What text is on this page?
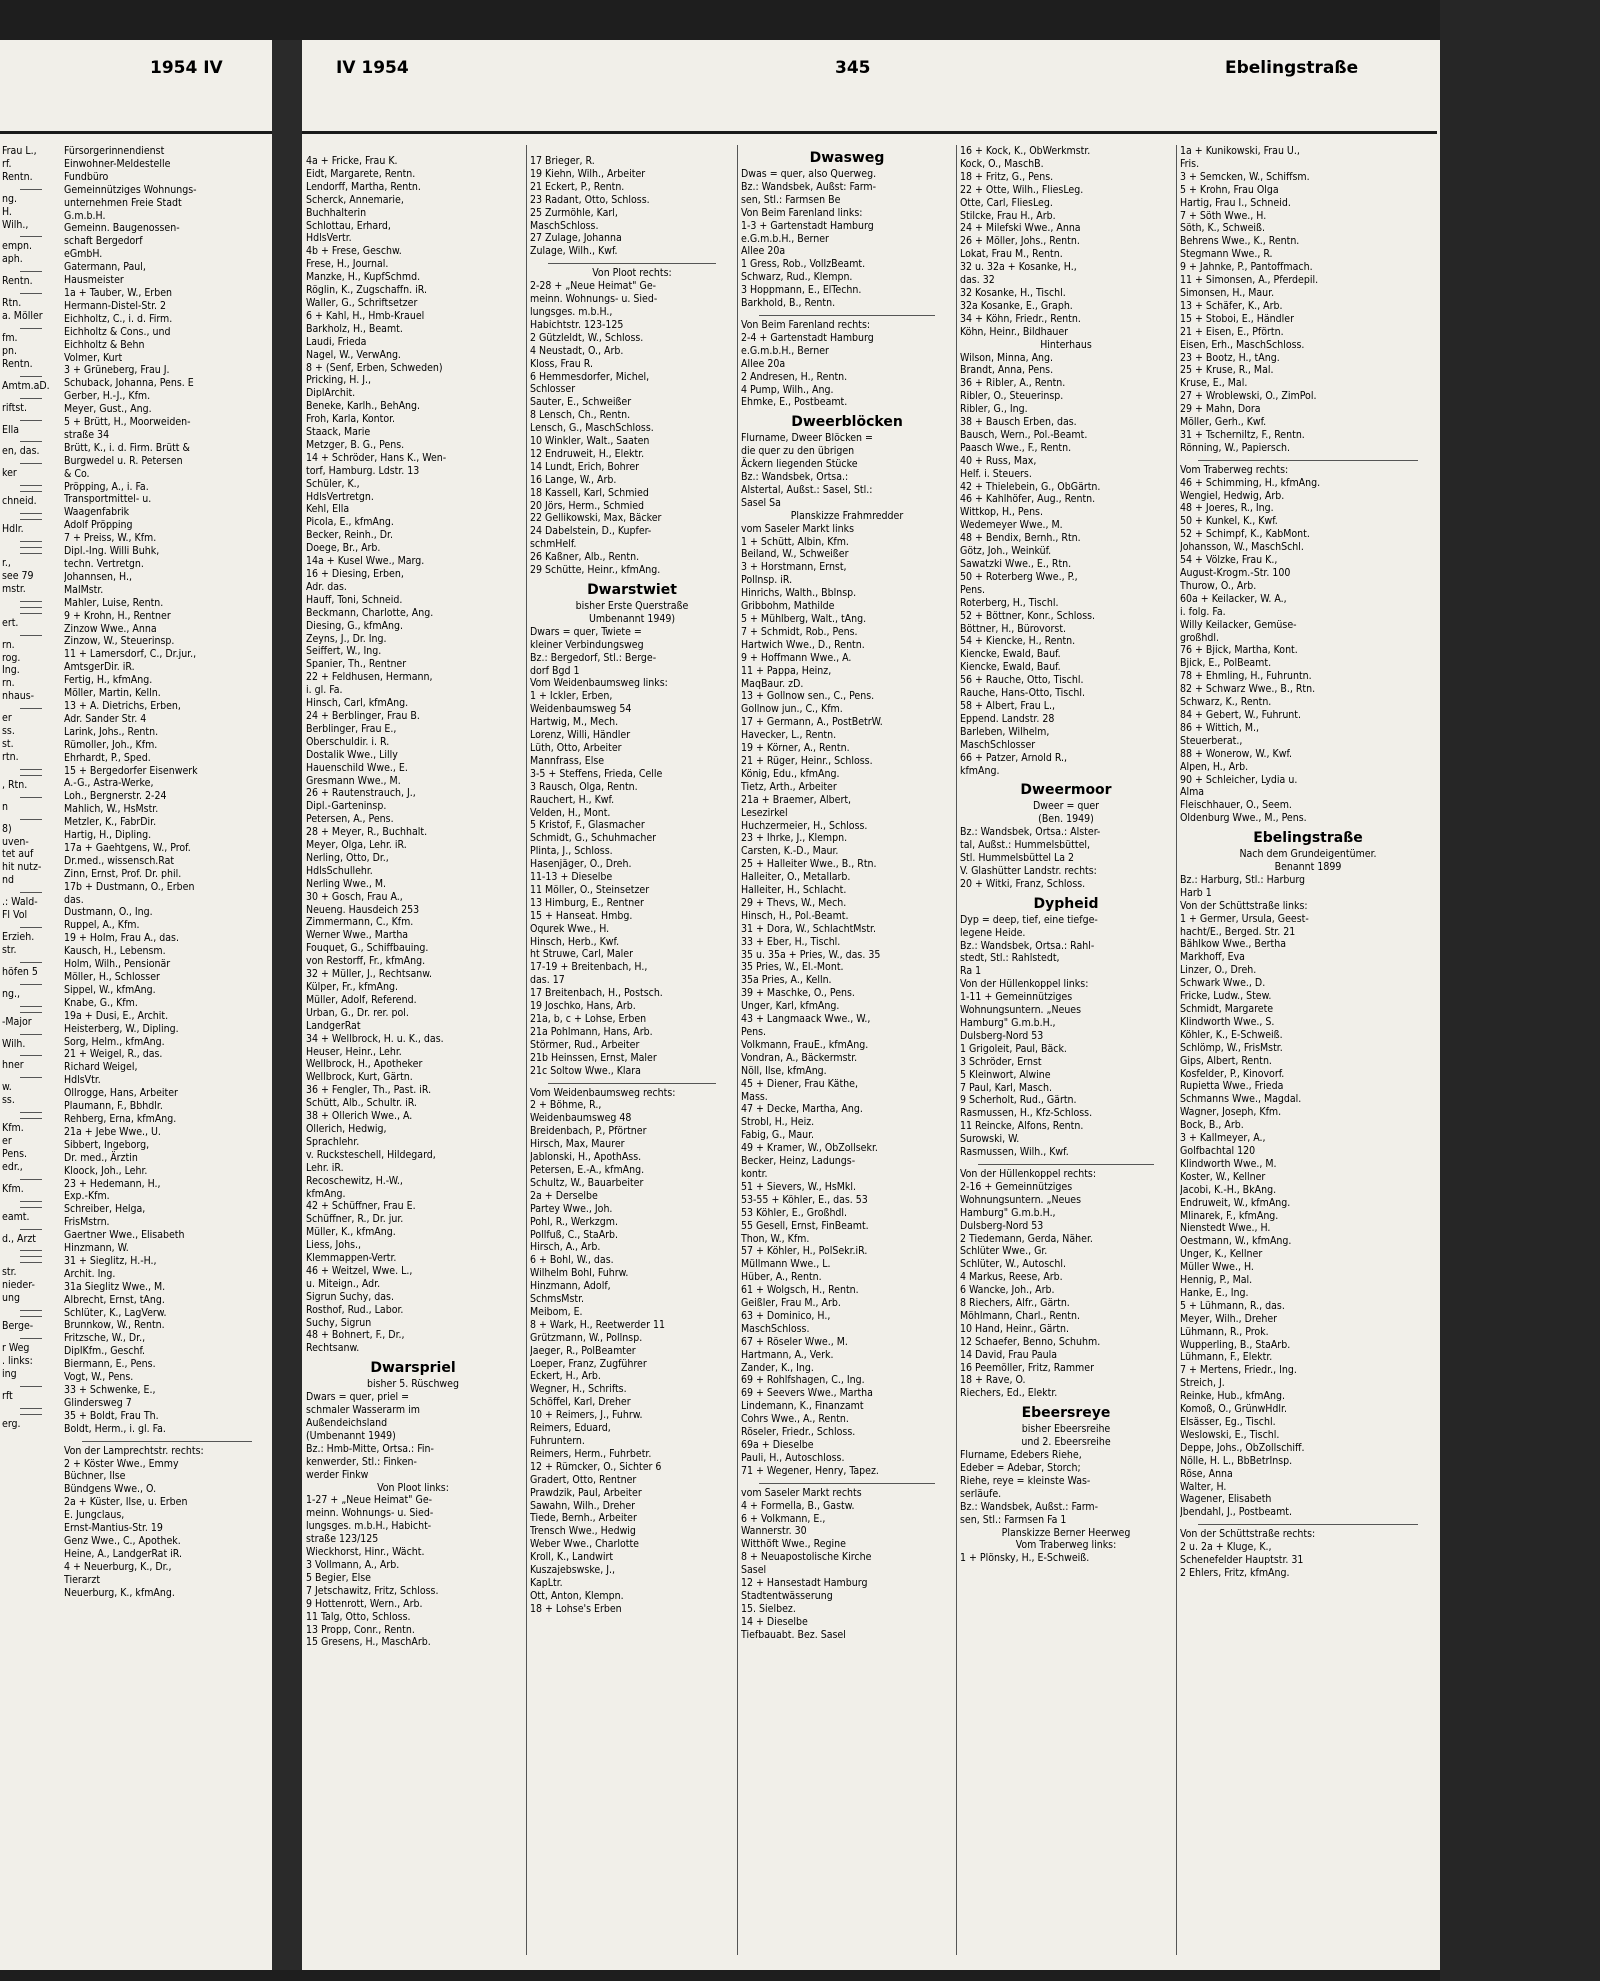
1954 IV	IV 1954	345	Ebelingstraße
Frau L.,
rf.
Rentn.
ng.
H.
Wilh.,
empn.
aph.
Rentn.
Rtn.
a. Möller
fm.
pn.
Rentn.
Amtm.aD.
riftst.
Ella
en, das.
ker
chneid.
Hdlr.
r.,
see 79
mstr.
ert.
rn.
rog.
Ing.
rn.
nhaus-
er
ss.
st.
rtn.
, Rtn.
n
8)
uven-
tet auf
hit nutz-
nd
.: Wald-
Fl Vol
Erzieh.
str.
höfen 5
ng.,
-Major
Wilh.
hner
w.
ss.
Kfm.
er
Pens.
edr.,
Kfm.
eamt.
d., Arzt
str.
nieder-
ung
Berge-
r Weg
. links:
ing
rft
erg.
Fürsorgerinnendienst
Einwohner-Meldestelle
Fundbüro
Gemeinnütziges Wohnungs-
unternehmen Freie Stadt
G.m.b.H.
Gemeinn. Baugenossen-
schaft Bergedorf
eGmbH.
Gatermann, Paul,
Hausmeister
1a + Tauber, W., Erben
Hermann-Distel-Str. 2
Eichholtz, C., i. d. Firm.
Eichholtz & Cons., und
Eichholtz & Behn
Volmer, Kurt
3 + Grüneberg, Frau J.
Schuback, Johanna, Pens. E
Gerber, H.-J., Kfm.
Meyer, Gust., Ang.
5 + Brütt, H., Moorweiden-
straße 34
Brütt, K., i. d. Firm. Brütt &
Burgwedel u. R. Petersen
& Co.
Pröpping, A., i. Fa.
Transportmittel- u.
Waagenfabrik
Adolf Pröpping
7 + Preiss, W., Kfm.
Dipl.-Ing. Willi Buhk,
techn. Vertretgn.
Johannsen, H.,
MalMstr.
Mahler, Luise, Rentn.
9 + Krohn, H., Rentner
Zinzow Wwe., Anna
Zinzow, W., Steuerinsp.
11 + Lamersdorf, C., Dr.jur.,
AmtsgerDir. iR.
Fertig, H., kfmAng.
Möller, Martin, Kelln.
13 + A. Dietrichs, Erben,
Adr. Sander Str. 4
Larink, Johs., Rentn.
Rümoller, Joh., Kfm.
Ehrhardt, P., Sped.
15 + Bergedorfer Eisenwerk
A.-G., Astra-Werke,
Loh., Bergnerstr. 2-24
Mahlich, W., HsMstr.
Metzler, K., FabrDir.
Hartig, H., Dipling.
17a + Gaehtgens, W., Prof.
Dr.med., wissensch.Rat
Zinn, Ernst, Prof. Dr. phil.
17b + Dustmann, O., Erben
das.
Dustmann, O., Ing.
Ruppel, A., Kfm.
19 + Holm, Frau A., das.
Kausch, H., Lebensm.
Holm, Wilh., Pensionär
Möller, H., Schlosser
Sippel, W., kfmAng.
Knabe, G., Kfm.
19a + Dusi, E., Archit.
Heisterberg, W., Dipling.
Sorg, Helm., kfmAng.
21 + Weigel, R., das.
Richard Weigel,
HdlsVtr.
Ollrogge, Hans, Arbeiter
Plaumann, F., Bbhdlr.
Rehberg, Erna, kfmAng.
21a + Jebe Wwe., U.
Sibbert, Ingeborg,
Dr. med., Ärztin
Kloock, Joh., Lehr.
23 + Hedemann, H.,
Exp.-Kfm.
Schreiber, Helga,
FrisMstrn.
Gaertner Wwe., Elisabeth
Hinzmann, W.
31 + Sieglitz, H.-H.,
Archit. Ing.
31a Sieglitz Wwe., M.
Albrecht, Ernst, tAng.
Schlüter, K., LagVerw.
Brunnkow, W., Rentn.
Fritzsche, W., Dr.,
DiplKfm., Geschf.
Biermann, E., Pens.
Vogt, W., Pens.
33 + Schwenke, E.,
Glindersweg 7
35 + Boldt, Frau Th.
Boldt, Herm., i. gl. Fa.
Von der Lamprechtstr. rechts:
2 + Köster Wwe., Emmy
Büchner, Ilse
Bündgens Wwe., O.
2a + Küster, Ilse, u. Erben
E. Jungclaus,
Ernst-Mantius-Str. 19
Genz Wwe., C., Apothek.
Heine, A., LandgerRat iR.
4 + Neuerburg, K., Dr.,
Tierarzt
Neuerburg, K., kfmAng.
4a + Fricke, Frau K.
Eidt, Margarete, Rentn.
Lendorff, Martha, Rentn.
Scherck, Annemarie,
Buchhalterin
Schlottau, Erhard,
HdlsVertr.
4b + Frese, Geschw.
Frese, H., Journal.
Manzke, H., KupfSchmd.
Röglin, K., Zugschaffn. iR.
Waller, G., Schriftsetzer
6 + Kahl, H., Hmb-Krauel
Barkholz, H., Beamt.
Laudi, Frieda
Nagel, W., VerwAng.
8 + (Senf, Erben, Schweden)
Pricking, H. J.,
DiplArchit.
Beneke, Karlh., BehAng.
Froh, Karla, Kontor.
Staack, Marie
Metzger, B. G., Pens.
14 + Schröder, Hans K., Wen-
torf, Hamburg. Ldstr. 13
Schüler, K.,
HdlsVertretgn.
Kehl, Ella
Picola, E., kfmAng.
Becker, Reinh., Dr.
Doege, Br., Arb.
14a + Kusel Wwe., Marg.
16 + Diesing, Erben,
Adr. das.
Hauff, Toni, Schneid.
Beckmann, Charlotte, Ang.
Diesing, G., kfmAng.
Zeyns, J., Dr. Ing.
Seiffert, W., Ing.
Spanier, Th., Rentner
22 + Feldhusen, Hermann,
i. gl. Fa.
Hinsch, Carl, kfmAng.
24 + Berblinger, Frau B.
Berblinger, Frau E.,
Oberschuldir. i. R.
Dostalik Wwe., Lilly
Hauenschild Wwe., E.
Gresmann Wwe., M.
26 + Rautenstrauch, J.,
Dipl.-Garteninsp.
Petersen, A., Pens.
28 + Meyer, R., Buchhalt.
Meyer, Olga, Lehr. iR.
Nerling, Otto, Dr.,
HdlsSchullehr.
Nerling Wwe., M.
30 + Gosch, Frau A.,
Neueng. Hausdeich 253
Zimmermann, C., Kfm.
Werner Wwe., Martha
Fouquet, G., Schiffbauing.
von Restorff, Fr., kfmAng.
32 + Müller, J., Rechtsanw.
Külper, Fr., kfmAng.
Müller, Adolf, Referend.
Urban, G., Dr. rer. pol.
LandgerRat
34 + Wellbrock, H. u. K., das.
Heuser, Heinr., Lehr.
Wellbrock, H., Apotheker
Wellbrock, Kurt, Gärtn.
36 + Fengler, Th., Past. iR.
Schütt, Alb., Schultr. iR.
38 + Ollerich Wwe., A.
Ollerich, Hedwig,
Sprachlehr.
v. Rucksteschell, Hildegard,
Lehr. iR.
Recoschewitz, H.-W.,
kfmAng.
42 + Schüffner, Frau E.
Schüffner, R., Dr. jur.
Müller, K., kfmAng.
Liess, Johs.,
Klemmappen-Vertr.
46 + Weitzel, Wwe. L.,
u. Miteign., Adr.
Sigrun Suchy, das.
Rosthof, Rud., Labor.
Suchy, Sigrun
48 + Bohnert, F., Dr.,
Rechtsanw.
Dwarspriel
bisher 5. Rüschweg
Dwars = quer, priel =
schmaler Wasserarm im
Außendeichsland
(Umbenannt 1949)
Bz.: Hmb-Mitte, Ortsa.: Fin-
kenwerder, Stl.: Finken-
werder Finkw
Von Ploot links:
1-27 + „Neue Heimat" Ge-
meinn. Wohnungs- u. Sied-
lungsges. m.b.H., Habicht-
straße 123/125
Wieckhorst, Hinr., Wächt.
3 Vollmann, A., Arb.
5 Begier, Else
7 Jetschawitz, Fritz, Schloss.
9 Hottenrott, Wern., Arb.
11 Talg, Otto, Schloss.
13 Propp, Conr., Rentn.
15 Gresens, H., MaschArb.
17 Brieger, R.
19 Kiehn, Wilh., Arbeiter
21 Eckert, P., Rentn.
23 Radant, Otto, Schloss.
25 Zurmöhle, Karl,
MaschSchloss.
27 Zulage, Johanna
Zulage, Wilh., Kwf.
Von Ploot rechts:
2-28 + „Neue Heimat" Ge-
meinn. Wohnungs- u. Sied-
lungsges. m.b.H.,
Habichtstr. 123-125
2 Gützleldt, W., Schloss.
4 Neustadt, O., Arb.
Kloss, Frau R.
6 Hemmesdorfer, Michel,
Schlosser
Sauter, E., Schweißer
8 Lensch, Ch., Rentn.
Lensch, G., MaschSchloss.
10 Winkler, Walt., Saaten
12 Endruweit, H., Elektr.
14 Lundt, Erich, Bohrer
16 Lange, W., Arb.
18 Kassell, Karl, Schmied
20 Jörs, Herm., Schmied
22 Gellikowski, Max, Bäcker
24 Dabelstein, D., Kupfer-
schmHelf.
26 Kaßner, Alb., Rentn.
29 Schütte, Heinr., kfmAng.
Dwarstwiet
bisher Erste Querstraße
Umbenannt 1949)
Dwars = quer, Twiete =
kleiner Verbindungsweg
Bz.: Bergedorf, Stl.: Berge-
dorf Bgd 1
Vom Weidenbaumsweg links:
1 + Ickler, Erben,
Weidenbaumsweg 54
Hartwig, M., Mech.
Lorenz, Willi, Händler
Lüth, Otto, Arbeiter
Mannfrass, Else
3-5 + Steffens, Frieda, Celle
3 Rausch, Olga, Rentn.
Rauchert, H., Kwf.
Velden, H., Mont.
5 Kristof, F., Glasmacher
Schmidt, G., Schuhmacher
Plinta, J., Schloss.
Hasenjäger, O., Dreh.
11-13 + Dieselbe
11 Möller, O., Steinsetzer
13 Himburg, E., Rentner
15 + Hanseat. Hmbg.
Oqurek Wwe., H.
Hinsch, Herb., Kwf.
ht Struwe, Carl, Maler
17-19 + Breitenbach, H.,
das. 17
17 Breitenbach, H., Postsch.
19 Joschko, Hans, Arb.
21a, b, c + Lohse, Erben
21a Pohlmann, Hans, Arb.
Störmer, Rud., Arbeiter
21b Heinssen, Ernst, Maler
21c Soltow Wwe., Klara
Vom Weidenbaumsweg rechts:
2 + Böhme, R.,
Weidenbaumsweg 48
Breidenbach, P., Pförtner
Hirsch, Max, Maurer
Jablonski, H., ApothAss.
Petersen, E.-A., kfmAng.
Schultz, W., Bauarbeiter
2a + Derselbe
Partey Wwe., Joh.
Pohl, R., Werkzgm.
Pollfuß, C., StaArb.
Hirsch, A., Arb.
6 + Bohl, W., das.
Wilhelm Bohl, Fuhrw.
Hinzmann, Adolf,
SchmsMstr.
Meibom, E.
8 + Wark, H., Reetwerder 11
Grützmann, W., Pollnsp.
Jaeger, R., PolBeamter
Loeper, Franz, Zugführer
Eckert, H., Arb.
Wegner, H., Schrifts.
Schöffel, Karl, Dreher
10 + Reimers, J., Fuhrw.
Reimers, Eduard,
Fuhruntern.
Reimers, Herm., Fuhrbetr.
12 + Rümcker, O., Sichter 6
Gradert, Otto, Rentner
Prawdzik, Paul, Arbeiter
Sawahn, Wilh., Dreher
Tiede, Bernh., Arbeiter
Trensch Wwe., Hedwig
Weber Wwe., Charlotte
Kroll, K., Landwirt
Kuszajebswske, J.,
KapLtr.
Ott, Anton, Klempn.
18 + Lohse's Erben
Dwasweg
Dwas = quer, also Querweg.
Bz.: Wandsbek, Außst: Farm-
sen, Stl.: Farmsen Be
Von Beim Farenland links:
1-3 + Gartenstadt Hamburg
e.G.m.b.H., Berner
Allee 20a
1 Gress, Rob., VollzBeamt.
Schwarz, Rud., Klempn.
3 Hoppmann, E., ElTechn.
Barkhold, B., Rentn.
Von Beim Farenland rechts:
2-4 + Gartenstadt Hamburg
e.G.m.b.H., Berner
Allee 20a
2 Andresen, H., Rentn.
4 Pump, Wilh., Ang.
Ehmke, E., Postbeamt.
Dweerblöcken
Flurname, Dweer Blöcken =
die quer zu den übrigen
Äckern liegenden Stücke
Bz.: Wandsbek, Ortsa.:
Alstertal, Außst.: Sasel, Stl.:
Sasel Sa
Planskizze Frahmredder
vom Saseler Markt links
1 + Schütt, Albin, Kfm.
Beiland, W., Schweißer
3 + Horstmann, Ernst,
Pollnsp. iR.
Hinrichs, Walth., Bblnsp.
Gribbohm, Mathilde
5 + Mühlberg, Walt., tAng.
7 + Schmidt, Rob., Pens.
Hartwich Wwe., D., Rentn.
9 + Hoffmann Wwe., A.
11 + Pappa, Heinz,
MaqBaur. zD.
13 + Gollnow sen., C., Pens.
Gollnow jun., C., Kfm.
17 + Germann, A., PostBetrW.
Havecker, L., Rentn.
19 + Körner, A., Rentn.
21 + Rüger, Heinr., Schloss.
König, Edu., kfmAng.
Tietz, Arth., Arbeiter
21a + Braemer, Albert,
Lesezirkel
Huchzermeier, H., Schloss.
23 + Ihrke, J., Klempn.
Carsten, K.-D., Maur.
25 + Halleiter Wwe., B., Rtn.
Halleiter, O., Metallarb.
Halleiter, H., Schlacht.
29 + Thevs, W., Mech.
Hinsch, H., Pol.-Beamt.
31 + Dora, W., SchlachtMstr.
33 + Eber, H., Tischl.
35 u. 35a + Pries, W., das. 35
35 Pries, W., El.-Mont.
35a Pries, A., Kelln.
39 + Maschke, O., Pens.
Unger, Karl, kfmAng.
43 + Langmaack Wwe., W.,
Pens.
Volkmann, FrauE., kfmAng.
Vondran, A., Bäckermstr.
Nöll, Ilse, kfmAng.
45 + Diener, Frau Käthe,
Mass.
47 + Decke, Martha, Ang.
Strobl, H., Heiz.
Fabig, G., Maur.
49 + Kramer, W., ObZollsekr.
Becker, Heinz, Ladungs-
kontr.
51 + Sievers, W., HsMkl.
53-55 + Köhler, E., das. 53
53 Köhler, E., Großhdl.
55 Gesell, Ernst, FinBeamt.
Thon, W., Kfm.
57 + Köhler, H., PolSekr.iR.
Müllmann Wwe., L.
Hüber, A., Rentn.
61 + Wolgsch, H., Rentn.
Geißler, Frau M., Arb.
63 + Dominico, H.,
MaschSchloss.
67 + Röseler Wwe., M.
Hartmann, A., Verk.
Zander, K., Ing.
69 + Rohlfshagen, C., Ing.
69 + Seevers Wwe., Martha
Lindemann, K., Finanzamt
Cohrs Wwe., A., Rentn.
Röseler, Friedr., Schloss.
69a + Dieselbe
Pauli, H., Autoschloss.
71 + Wegener, Henry, Tapez.
vom Saseler Markt rechts
4 + Formella, B., Gastw.
6 + Volkmann, E.,
Wannerstr. 30
Witthöft Wwe., Regine
8 + Neuapostolische Kirche
Sasel
12 + Hansestadt Hamburg
Stadtentwässerung
15. Sielbez.
14 + Dieselbe
Tiefbauabt. Bez. Sasel
16 + Kock, K., ObWerkmstr.
Kock, O., MaschB.
18 + Fritz, G., Pens.
22 + Otte, Wilh., FliesLeg.
Otte, Carl, FliesLeg.
Stilcke, Frau H., Arb.
24 + Milefski Wwe., Anna
26 + Möller, Johs., Rentn.
Lokat, Frau M., Rentn.
32 u. 32a + Kosanke, H.,
das. 32
32 Kosanke, H., Tischl.
32a Kosanke, E., Graph.
34 + Köhn, Friedr., Rentn.
Köhn, Heinr., Bildhauer
Hinterhaus
Wilson, Minna, Ang.
Brandt, Anna, Pens.
36 + Ribler, A., Rentn.
Ribler, O., Steuerinsp.
Ribler, G., Ing.
38 + Bausch Erben, das.
Bausch, Wern., Pol.-Beamt.
Paasch Wwe., F., Rentn.
40 + Russ, Max,
Helf. i. Steuers.
42 + Thielebein, G., ObGärtn.
46 + Kahlhöfer, Aug., Rentn.
Wittkop, H., Pens.
Wedemeyer Wwe., M.
48 + Bendix, Bernh., Rtn.
Götz, Joh., Weinküf.
Sawatzki Wwe., E., Rtn.
50 + Roterberg Wwe., P.,
Pens.
Roterberg, H., Tischl.
52 + Böttner, Konr., Schloss.
Böttner, H., Bürovorst.
54 + Kiencke, H., Rentn.
Kiencke, Ewald, Bauf.
Kiencke, Ewald, Bauf.
56 + Rauche, Otto, Tischl.
Rauche, Hans-Otto, Tischl.
58 + Albert, Frau L.,
Eppend. Landstr. 28
Barleben, Wilhelm,
MaschSchlosser
66 + Patzer, Arnold R.,
kfmAng.
Dweermoor
Dweer = quer
(Ben. 1949)
Bz.: Wandsbek, Ortsa.: Alster-
tal, Außst.: Hummelsbüttel,
Stl. Hummelsbüttel La 2
V. Glashütter Landstr. rechts:
20 + Witki, Franz, Schloss.
Dypheid
Dyp = deep, tief, eine tiefge-
legene Heide.
Bz.: Wandsbek, Ortsa.: Rahl-
stedt, Stl.: Rahlstedt,
Ra 1
Von der Hüllenkoppel links:
1-11 + Gemeinnütziges
Wohnungsuntern. „Neues
Hamburg" G.m.b.H.,
Dulsberg-Nord 53
1 Grigoleit, Paul, Bäck.
3 Schröder, Ernst
5 Kleinwort, Alwine
7 Paul, Karl, Masch.
9 Scherholt, Rud., Gärtn.
Rasmussen, H., Kfz-Schloss.
11 Reincke, Alfons, Rentn.
Surowski, W.
Rasmussen, Wilh., Kwf.
Von der Hüllenkoppel rechts:
2-16 + Gemeinnütziges
Wohnungsuntern. „Neues
Hamburg" G.m.b.H.,
Dulsberg-Nord 53
2 Tiedemann, Gerda, Näher.
Schlüter Wwe., Gr.
Schlüter, W., Autoschl.
4 Markus, Reese, Arb.
6 Wancke, Joh., Arb.
8 Riechers, Alfr., Gärtn.
Möhlmann, Charl., Rentn.
10 Hand, Heinr., Gärtn.
12 Schaefer, Benno, Schuhm.
14 David, Frau Paula
16 Peemöller, Fritz, Rammer
18 + Rave, O.
Riechers, Ed., Elektr.
Ebeersreye
bisher Ebeersreihe
und 2. Ebeersreihe
Flurname, Edebers Riehe,
Edeber = Adebar, Storch;
Riehe, reye = kleinste Was-
serläufe.
Bz.: Wandsbek, Außst.: Farm-
sen, Stl.: Farmsen Fa 1
Planskizze Berner Heerweg
Vom Traberweg links:
1 + Plönsky, H., E-Schweiß.
1a + Kunikowski, Frau U.,
Fris.
3 + Semcken, W., Schiffsm.
5 + Krohn, Frau Olga
Hartig, Frau I., Schneid.
7 + Söth Wwe., H.
Söth, K., Schweiß.
Behrens Wwe., K., Rentn.
Stegmann Wwe., R.
9 + Jahnke, P., Pantoffmach.
11 + Simonsen, A., Pferdepil.
Simonsen, H., Maur.
13 + Schäfer, K., Arb.
15 + Stoboi, E., Händler
21 + Eisen, E., Pförtn.
Eisen, Erh., MaschSchloss.
23 + Bootz, H., tAng.
25 + Kruse, R., Mal.
Kruse, E., Mal.
27 + Wroblewski, O., ZimPol.
29 + Mahn, Dora
Möller, Gerh., Kwf.
31 + Tscherniltz, F., Rentn.
Rönning, W., Papiersch.
Vom Traberweg rechts:
46 + Schimming, H., kfmAng.
Wengiel, Hedwig, Arb.
48 + Joeres, R., Ing.
50 + Kunkel, K., Kwf.
52 + Schimpf, K., KabMont.
Johansson, W., MaschSchl.
54 + Völzke, Frau K.,
August-Krogm.-Str. 100
Thurow, O., Arb.
60a + Keilacker, W. A.,
i. folg. Fa.
Willy Keilacker, Gemüse-
großhdl.
76 + Bjick, Martha, Kont.
Bjick, E., PolBeamt.
78 + Ehmling, H., Fuhruntn.
82 + Schwarz Wwe., B., Rtn.
Schwarz, K., Rentn.
84 + Gebert, W., Fuhrunt.
86 + Wittich, M.,
Steuerberat.,
88 + Wonerow, W., Kwf.
Alpen, H., Arb.
90 + Schleicher, Lydia u.
Alma
Fleischhauer, O., Seem.
Oldenburg Wwe., M., Pens.
Ebelingstraße
Nach dem Grundeigentümer.
Benannt 1899
Bz.: Harburg, Stl.: Harburg
Harb 1
Von der Schüttstraße links:
1 + Germer, Ursula, Geest-
hacht/E., Berged. Str. 21
Bählkow Wwe., Bertha
Markhoff, Eva
Linzer, O., Dreh.
Schwark Wwe., D.
Fricke, Ludw., Stew.
Schmidt, Margarete
Klindworth Wwe., S.
Köhler, K., E-Schweiß.
Schlömp, W., FrisMstr.
Gips, Albert, Rentn.
Kosfelder, P., Kinovorf.
Rupietta Wwe., Frieda
Schmanns Wwe., Magdal.
Wagner, Joseph, Kfm.
Bock, B., Arb.
3 + Kallmeyer, A.,
Golfbachtal 120
Klindworth Wwe., M.
Koster, W., Kellner
Jacobi, K.-H., BkAng.
Endruweit, W., kfmAng.
Mlinarek, F., kfmAng.
Nienstedt Wwe., H.
Oestmann, W., kfmAng.
Unger, K., Kellner
Müller Wwe., H.
Hennig, P., Mal.
Hanke, E., Ing.
5 + Lühmann, R., das.
Meyer, Wilh., Dreher
Lühmann, R., Prok.
Wupperling, B., StaArb.
Lühmann, F., Elektr.
7 + Mertens, Friedr., Ing.
Streich, J.
Reinke, Hub., kfmAng.
Komoß, O., GrünwHdlr.
Elsässer, Eg., Tischl.
Weslowski, E., Tischl.
Deppe, Johs., ObZollschiff.
Nölle, H. L., BbBetrInsp.
Röse, Anna
Walter, H.
Wagener, Elisabeth
Jbendahl, J., Postbeamt.
Von der Schüttstraße rechts:
2 u. 2a + Kluge, K.,
Schenefelder Hauptstr. 31
2 Ehlers, Fritz, kfmAng.
